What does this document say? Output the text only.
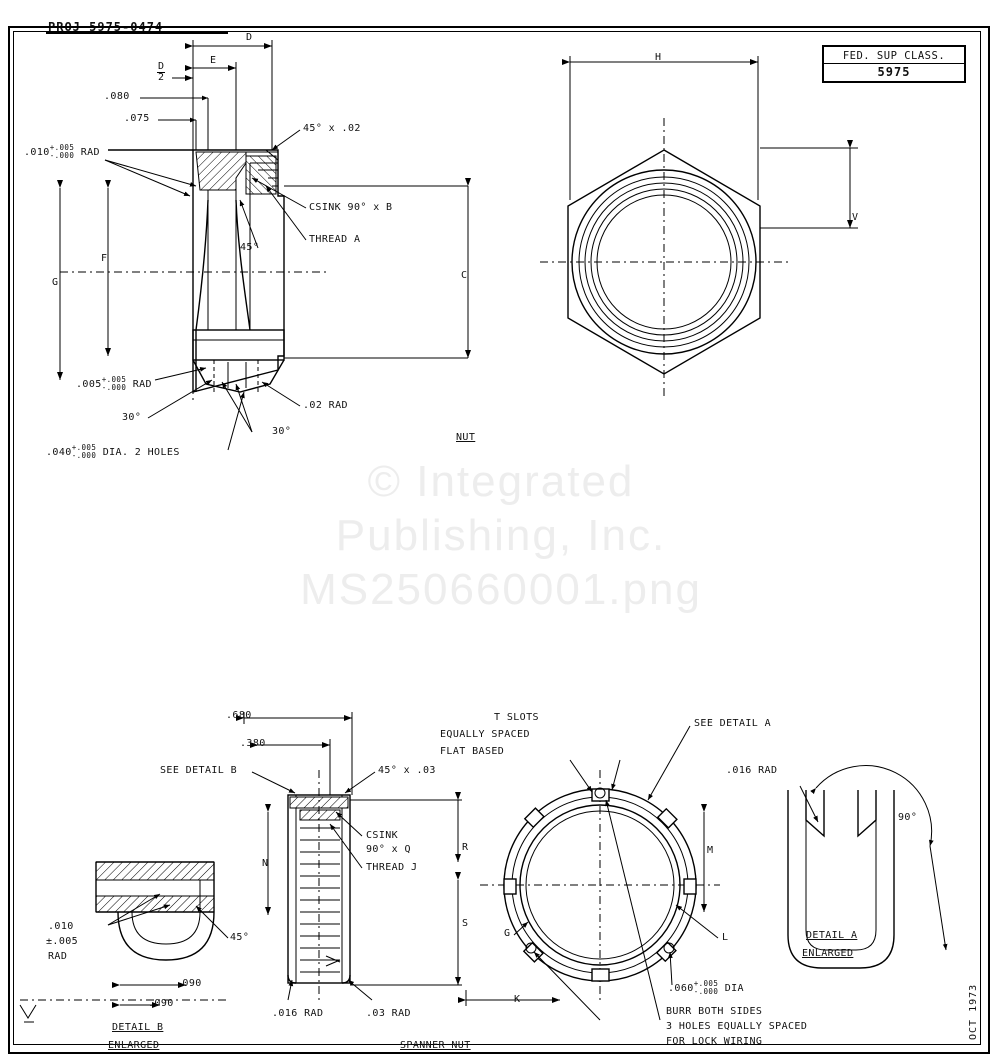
PROJ 5975-0474
FED. SUP CLASS.
5975
OCT 1973
D
E
$\frac{D}{2}$
.080
.075
45° x .02
.010+.005
-.000 RAD
CSINK 90° x B
THREAD A
45°
F
G
C
.005+.005
-.000 RAD
.02 RAD
30°
30°
.040+.005
-.000 DIA. 2 HOLES
NUT
H
V
.680
.380
45° x .03
SEE DETAIL B
CSINK
90° x Q
THREAD J
N
R
S
.016 RAD	.03 RAD
T SLOTS
EQUALLY SPACED
FLAT BASED
SEE DETAIL A
M
L
K
G
.060+.005
-.000 DIA
BURR BOTH SIDES
3 HOLES EQUALLY SPACED
FOR LOCK WIRING
SPANNER NUT
.016 RAD
90°
DETAIL A
ENLARGED
.010
±.005
RAD
45°
.090
.090
DETAIL B
ENLARGED
© Integrated
Publishing, Inc.
MS250660001.png
